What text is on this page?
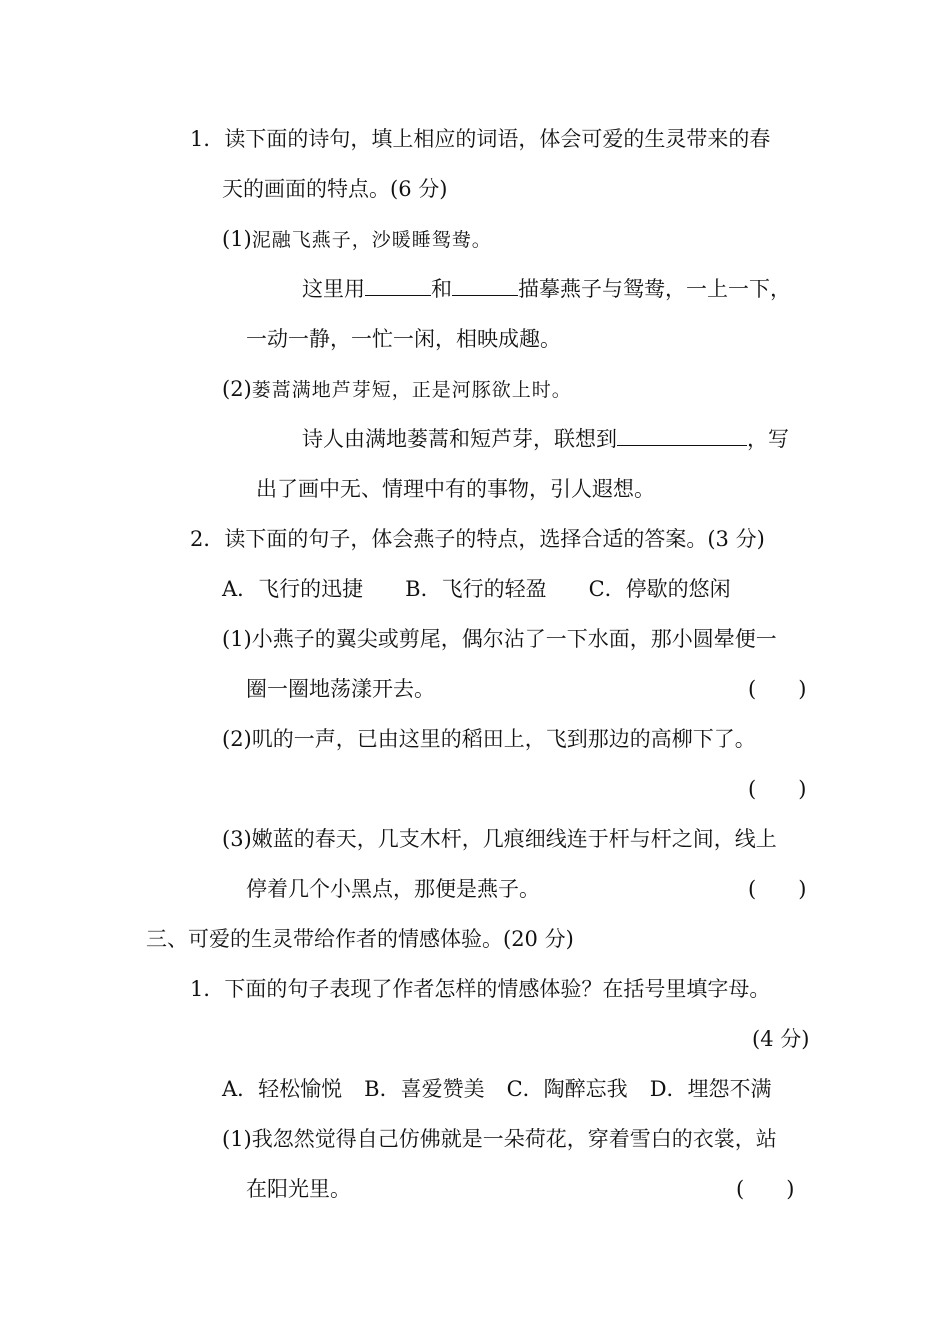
1．读下面的诗句，填上相应的词语，体会可爱的生灵带来的春
天的画面的特点。(6 分)
(1)泥融飞燕子，沙暖睡鸳鸯。
这里用	和	描摹燕子与鸳鸯，一上一下，
一动一静，一忙一闲，相映成趣。
(2)蒌蒿满地芦芽短，正是河豚欲上时。
诗人由满地蒌蒿和短芦芽，联想到	，写
出了画中无、情理中有的事物，引人遐想。
2．读下面的句子，体会燕子的特点，选择合适的答案。(3 分)
A．飞行的迅捷 B．飞行的轻盈 C．停歇的悠闲
(1)小燕子的翼尖或剪尾，偶尔沾了一下水面，那小圆晕便一
圈一圈地荡漾开去。	(　　)
(2)叽的一声，已由这里的稻田上，飞到那边的高柳下了。
(　　)
(3)嫩蓝的春天，几支木杆，几痕细线连于杆与杆之间，线上
停着几个小黑点，那便是燕子。	(　　)
三、可爱的生灵带给作者的情感体验。(20 分)
1．下面的句子表现了作者怎样的情感体验？在括号里填字母。
(4 分)
A．轻松愉悦 B．喜爱赞美 C．陶醉忘我 D．埋怨不满
(1)我忽然觉得自己仿佛就是一朵荷花，穿着雪白的衣裳，站
在阳光里。	(　　)
